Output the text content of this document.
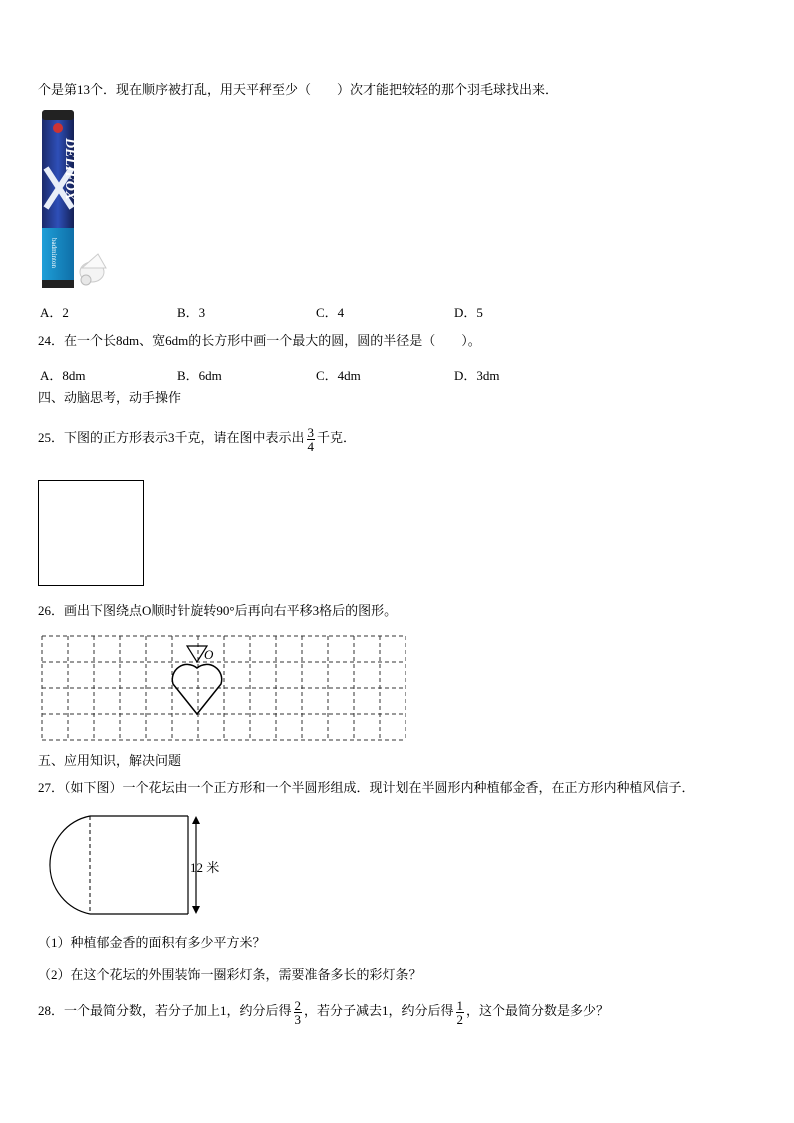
个是第13个．现在顺序被打乱，用天平秤至少（　　）次才能把较轻的那个羽毛球找出来．
DELIFOX
badminton
A．2	B．3	C．4	D．5
24．在一个长8dm、宽6dm的长方形中画一个最大的圆，圆的半径是（　　）。
A．8dm	B．6dm	C．4dm	D．3dm
四、动脑思考，动手操作
25．下图的正方形表示3千克，请在图中表示出 $\frac{3}{4}$ 千克．
26．画出下图绕点O顺时针旋转90°后再向右平移3格后的图形。
O
五、应用知识，解决问题
27．（如下图）一个花坛由一个正方形和一个半圆形组成．现计划在半圆形内种植郁金香，在正方形内种植风信子．
12 米
（1）种植郁金香的面积有多少平方米？
（2）在这个花坛的外围装饰一圈彩灯条，需要准备多长的彩灯条？
28．一个最简分数，若分子加上1，约分后得 $\frac{2}{3}$ ，若分子减去1，约分后得 $\frac{1}{2}$ ，这个最简分数是多少？
